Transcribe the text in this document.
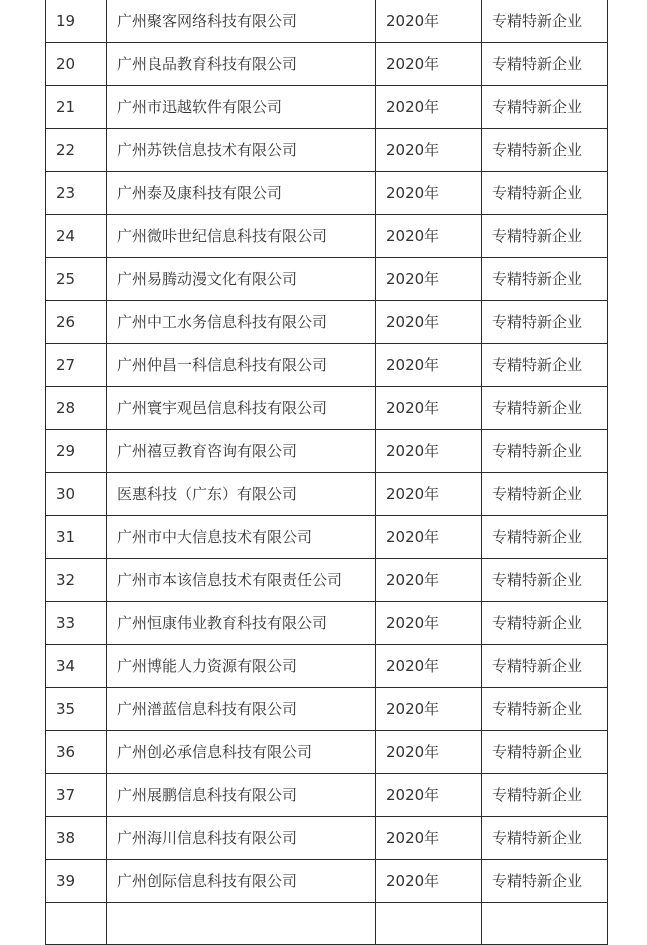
19	广州聚客网络科技有限公司	2020年	专精特新企业
20	广州良品教育科技有限公司	2020年	专精特新企业
21	广州市迅越软件有限公司	2020年	专精特新企业
22	广州苏铁信息技术有限公司	2020年	专精特新企业
23	广州泰及康科技有限公司	2020年	专精特新企业
24	广州微咔世纪信息科技有限公司	2020年	专精特新企业
25	广州易腾动漫文化有限公司	2020年	专精特新企业
26	广州中工水务信息科技有限公司	2020年	专精特新企业
27	广州仲昌一科信息科技有限公司	2020年	专精特新企业
28	广州寰宇观邑信息科技有限公司	2020年	专精特新企业
29	广州禧豆教育咨询有限公司	2020年	专精特新企业
30	医惠科技（广东）有限公司	2020年	专精特新企业
31	广州市中大信息技术有限公司	2020年	专精特新企业
32	广州市本该信息技术有限责任公司	2020年	专精特新企业
33	广州恒康伟业教育科技有限公司	2020年	专精特新企业
34	广州博能人力资源有限公司	2020年	专精特新企业
35	广州潽蓝信息科技有限公司	2020年	专精特新企业
36	广州创必承信息科技有限公司	2020年	专精特新企业
37	广州展鹏信息科技有限公司	2020年	专精特新企业
38	广州海川信息科技有限公司	2020年	专精特新企业
39	广州创际信息科技有限公司	2020年	专精特新企业
